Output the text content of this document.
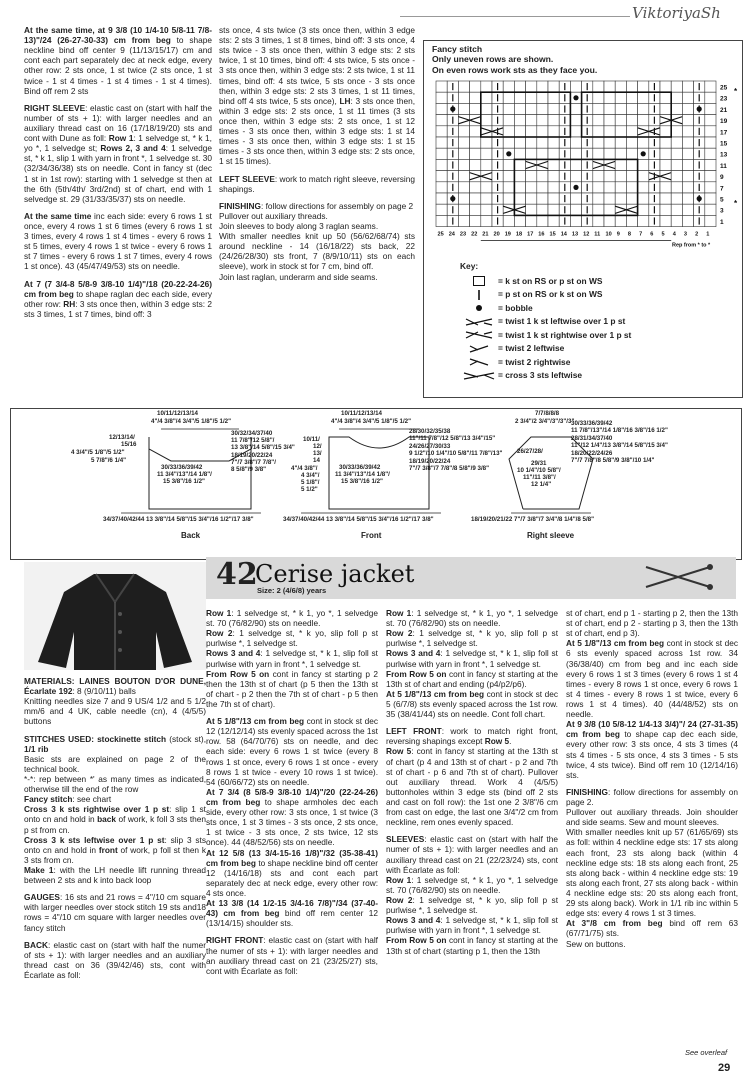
ViktoriyaSh

At the same time, at 9 3/8 (10 1/4-10 5/8-11 7/8-13)"/24 (26-27-30-33) cm from beg to shape neckline bind off center 9 (11/13/15/17) cm and cont each part separately dec at neck edge, every other row: 2 sts once, 1 st twice (2 sts once, 1 st twice - 1 st 4 times - 1 st 4 times - 1 st 4 times). Bind off rem 2 sts

RIGHT SLEEVE: elastic cast on (start with half the number of sts + 1): with larger needles and an auxiliary thread cast on 16 (17/18/19/20) sts and cont with Dune as foll: Row 1: 1 selvedge st, * k 1, yo *, 1 selvedge st; Rows 2, 3 and 4: 1 selvedge st, * k 1, slip 1 with yarn in front *, 1 selvedge st. 30 (32/34/36/38) sts on needle. Cont in fancy st (dec 1 st in 1st row): starting with 1 selvedge st then at the 6th (5th/4th/ 3rd/2nd) st of chart, end with 1 selvedge st. 29 (31/33/35/37) sts on needle.

At the same time inc each side: every 6 rows 1 st once, every 4 rows 1 st 6 times (every 6 rows 1 st 3 times, every 4 rows 1 st 4 times - every 6 rows 1 st 5 times, every 4 rows 1 st twice - every 6 rows 1 st 7 times - every 6 rows 1 st 7 times, every 4 rows 1 st once). 43 (45/47/49/53) sts on needle.

At 7 (7 3/4-8 5/8-9 3/8-10 1/4)"/18 (20-22-24-26) cm from beg to shape raglan dec each side, every other row: RH: 3 sts once then, within 3 edge sts: 2 sts 3 times, 1 st 7 times, bind off: 3

sts once, 4 sts twice (3 sts once then, within 3 edge sts: 2 sts 3 times, 1 st 8 times, bind off: 3 sts once, 4 sts twice - 3 sts once then, within 3 edge sts: 2 sts twice, 1 st 10 times, bind off: 4 sts twice, 5 sts once - 3 sts once then, within 3 edge sts: 2 sts twice, 1 st 11 times, bind off: 4 sts twice, 5 sts once - 3 sts once then, within 3 edge sts: 2 sts 3 times, 1 st 11 times, bind off 4 sts twice, 5 sts once), LH: 3 sts once then, within 3 edge sts: 2 sts once, 1 st 11 times (3 sts once then, within 3 edge sts: 2 sts once, 1 st 12 times - 3 sts once then, within 3 edge sts: 1 st 14 times - 3 sts once then, within 3 edge sts: 1 st 15 times - 3 sts once then, within 3 edge sts: 2 sts once, 1 st 15 times).

LEFT SLEEVE: work to match right sleeve, reversing shapings.

FINISHING: follow directions for assembly on page 2
Pullover out auxiliary threads.
Join sleeves to body along 3 raglan seams.
With smaller needles knit up 50 (56/62/68/74) sts around neckline - 14 (16/18/22) sts back, 22 (24/26/28/30) sts front, 7 (8/9/10/11) sts on each sleeve), work in stock st for 7 cm, bind off.
Join last raglan, underarm and side seams.

Fancy stitch
Only uneven rows are shown.
On even rows work sts as they face you.
25
23
21
19
17
15
13
11
9
7
5
3
1
25 24 23 22 21 20 19 18 17 16 15 14 13 12 11 10 9 8 7 6 5 4 3 2 1
*
*
Rep from * to *
Key:
= k st on RS or p st on WS
= p st on RS or k st on WS
= bobble
= twist 1 k st leftwise over 1 p st
= twist 1 k st rightwise over 1 p st
= twist 2 leftwise
= twist 2 rightwise
= cross 3 sts leftwise
10/11/12/13/14
4"/4 3/8"/4 3/4"/5 1/8"/5 1/2"
12/13/14/
15/16
4 3/4"/5 1/8"/5 1/2"
5 7/8"/6 1/4"
30/33/36/39/42
11 3/4"/13"/14 1/8"/
15 3/8"/16 1/2"
30/32/34/37/40
11 7/8"/12 5/8"/
13 3/8"/14 5/8"/15 3/4"
18/19/20/22/24
7"/7 3/8"/7 7/8"/
8 5/8"/9 3/8"
34/37/40/42/44 13 3/8"/14 5/8"/15 3/4"/16 1/2"/17 3/8"
Back
10/11/12/13/14
4"/4 3/8"/4 3/4"/5 1/8"/5 1/2"
10/11/
12/
13/
14
4"/4 3/8"/
4 3/4"/
5 1/8"/
5 1/2"
30/33/36/39/42
11 3/4"/13"/14 1/8"/
15 3/8"/16 1/2"
28/30/32/35/38
11"/11 7/8"/12 5/8"/13 3/4"/15"
24/26/27/30/33
9 1/2"/10 1/4"/10 5/8"/11 7/8"/13"
18/19/20/22/24
7"/7 3/8"/7 7/8"/8 5/8"/9 3/8"
34/37/40/42/44 13 3/8"/14 5/8"/15 3/4"/16 1/2"/17 3/8"
Front
7/7/8/8/8
2 3/4"/2 3/4"/3"/3"/3"
26/27/28/
29/31
10 1/4"/10 5/8"/
11"/11 3/8"/
12 1/4"
30/33/36/39/42
11 7/8"/13"/14 1/8"/16 3/8"/16 1/2"
28/31/34/37/40
11"/12 1/4"/13 3/8"/14 5/8"/15 3/4"
18/20/22/24/26
7"/7 7/8"/8 5/8"/9 3/8"/10 1/4"
18/19/20/21/22 7"/7 3/8"/7 3/4"/8 1/4"/8 5/8"
Right sleeve
42
Cerise jacket
Size: 2 (4/6/8) years

MATERIALS: LAINES BOUTON D'OR DUNE, Écarlate 192: 8 (9/10/11) balls
Knitting needles size 7 and 9 US/4 1/2 and 5 1/2 mm/6 and 4 UK, cable needle (cn), 4 (4/5/5) buttons

STITCHES USED: stockinette stitch (stock st), 1/1 rib
Basic sts are explained on page 2 of the technical book.
*-*: rep between *' as many times as indicated, otherwise till the end of the row
Fancy stitch: see chart
Cross 3 k sts rightwise over 1 p st: slip 1 st onto cn and hold in back of work, k foll 3 sts then p st from cn.
Cross 3 k sts leftwise over 1 p st: slip 3 sts onto cn and hold in front of work, p foll st then k 3 sts from cn.
Make 1: with the LH needle lift running thread between 2 sts and k into back loop

GAUGES: 16 sts and 21 rows = 4"/10 cm square with larger needles over stock stitch 19 sts and18 rows = 4"/10 cm square with larger needles over fancy stitch

BACK: elastic cast on (start with half the numer of sts + 1): with larger needles and an auxiliary thread cast on 36 (39/42/46) sts, cont with Écarlate as foll:

Row 1: 1 selvedge st, * k 1, yo *, 1 selvedge st. 70 (76/82/90) sts on needle.
Row 2: 1 selvedge st, * k yo, slip foll p st purlwise *, 1 selvedge st.
Rows 3 and 4: 1 selvedge st, * k 1, slip foll st purlwise with yarn in front *, 1 selvedge st.
From Row 5 on cont in fancy st starting p 2 then the 13th st of chart (p 5 then the 13th st of chart - p 2 then the 7th st of chart - p 5 then the 7th st of chart).

At 5 1/8"/13 cm from beg cont in stock st dec 12 (12/12/14) sts evenly spaced across the 1st row. 58 (64/70/76) sts on needle, and dec each side: every 6 rows 1 st twice (every 8 rows 1 st once, every 6 rows 1 st once - every 8 rows 1 st twice - every 10 rows 1 st twice). 54 (60/66/72) sts on needle.
At 7 3/4 (8 5/8-9 3/8-10 1/4)"/20 (22-24-26) cm from beg to shape armholes dec each side, every other row: 3 sts once, 1 st twice (3 sts once, 1 st 3 times - 3 sts once, 2 sts once, 1 st twice - 3 sts once, 2 sts twice, 12 sts once). 44 (48/52/56) sts on needle.
At 12 5/8 (13 3/4-15-16 1/8)"/32 (35-38-41) cm from beg to shape neckline bind off center 12 (14/16/18) sts and cont each part separately dec at neck edge, every other row: 4 sts once.
At 13 3/8 (14 1/2-15 3/4-16 7/8)"/34 (37-40-43) cm from beg bind off rem center 12 (13/14/15) shoulder sts.

RIGHT FRONT: elastic cast on (start with half the numer of sts + 1): with larger needles and an auxiliary thread cast on 21 (23/25/27) sts, cont with Écarlate as foll:

Row 1: 1 selvedge st, * k 1, yo *, 1 selvedge st. 70 (76/82/90) sts on needle.
Row 2: 1 selvedge st, * k yo, slip foll p st purlwise *, 1 selvedge st.
Rows 3 and 4: 1 selvedge st, * k 1, slip foll st purlwise with yarn in front *, 1 selvedge st.
From Row 5 on cont in fancy st starting at the 13th st of chart and ending (p4/p2/p6).
At 5 1/8"/13 cm from beg cont in stock st dec 5 (6/7/8) sts evenly spaced across the 1st row. 35 (38/41/44) sts on needle. Cont foll chart.

LEFT FRONT: work to match right front, reversing shapings except Row 5.
Row 5: cont in fancy st starting at the 13th st of chart (p 4 and 13th st of chart - p 2 and 7th st of chart - p 6 and 7th st of chart). Pullover out auxiliary thread. Work 4 (4/5/5) buttonholes within 3 edge sts (bind off 2 sts and cast on foll row): the 1st one 2 3/8"/6 cm from cast on edge, the last one 3/4"/2 cm from neckline, rem ones evenly spaced.

SLEEVES: elastic cast on (start with half the numer of sts + 1): with larger needles and an auxiliary thread cast on 21 (22/23/24) sts, cont with Écarlate as foll:
Row 1: 1 selvedge st, * k 1, yo *, 1 selvedge st. 70 (76/82/90) sts on needle.
Row 2: 1 selvedge st, * k yo, slip foll p st purlwise *, 1 selvedge st.
Rows 3 and 4: 1 selvedge st, * k 1, slip foll st purlwise with yarn in front *, 1 selvedge st.
From Row 5 on cont in fancy st starting at the 13th st of chart (starting p 1, then the 13th

st of chart, end p 1 - starting p 2, then the 13th st of chart, end p 2 - starting p 3, then the 13th st of chart, end p 3).
At 5 1/8"/13 cm from beg cont in stock st dec 6 sts evenly spaced across 1st row. 34 (36/38/40) cm from beg and inc each side every 6 rows 1 st 3 times (every 6 rows 1 st 4 times - every 8 rows 1 st once, every 6 rows 1 st 4 times - every 8 rows 1 st twice, every 6 rows 1 st 4 times). 40 (44/48/52) sts on needle.
At 9 3/8 (10 5/8-12 1/4-13 3/4)"/ 24 (27-31-35) cm from beg to shape cap dec each side, every other row: 3 sts once, 4 sts 3 times (4 sts 4 times - 5 sts once, 4 sts 3 times - 5 sts twice, 4 sts twice). Bind off rem 10 (12/14/16) sts.

FINISHING: follow directions for assembly on page 2.
Pullover out auxiliary threads. Join shoulder and side seams. Sew and mount sleeves.
With smaller needles knit up 57 (61/65/69) sts as foll: within 4 neckline edge sts: 17 sts along each front, 23 sts along back (within 4 neckline edge sts: 18 sts along each front, 25 sts along back - within 4 neckline edge sts: 19 sts along each front, 27 sts along back - within 4 neckline edge sts: 20 sts along each front, 29 sts along back). Work in 1/1 rib inc within 5 edge sts: every 4 rows 1 st 3 times.
At 3"/8 cm from beg bind off rem 63 (67/71/75) sts.
Sew on buttons.

See overleaf
29
